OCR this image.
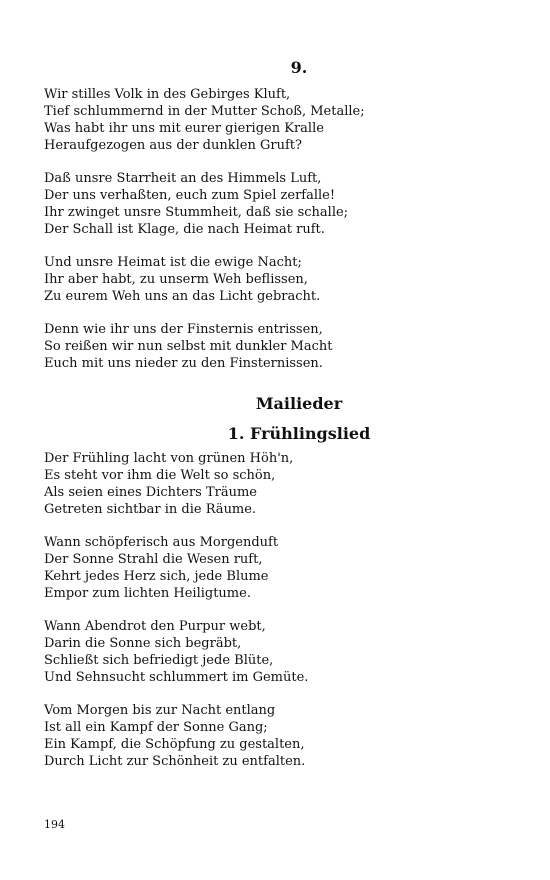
9.

Wir stilles Volk in des Gebirges Kluft,
Tief schlummernd in der Mutter Schoß, Metalle;
Was habt ihr uns mit eurer gierigen Kralle
Heraufgezogen aus der dunklen Gruft?

Daß unsre Starrheit an des Himmels Luft,
Der uns verhaßten, euch zum Spiel zerfalle!
Ihr zwinget unsre Stummheit, daß sie schalle;
Der Schall ist Klage, die nach Heimat ruft.

Und unsre Heimat ist die ewige Nacht;
Ihr aber habt, zu unserm Weh beflissen,
Zu eurem Weh uns an das Licht gebracht.

Denn wie ihr uns der Finsternis entrissen,
So reißen wir nun selbst mit dunkler Macht
Euch mit uns nieder zu den Finsternissen.

Mailieder
1. Frühlingslied

Der Frühling lacht von grünen Höh'n,
Es steht vor ihm die Welt so schön,
Als seien eines Dichters Träume
Getreten sichtbar in die Räume.

Wann schöpferisch aus Morgenduft
Der Sonne Strahl die Wesen ruft,
Kehrt jedes Herz sich, jede Blume
Empor zum lichten Heiligtume.

Wann Abendrot den Purpur webt,
Darin die Sonne sich begräbt,
Schließt sich befriedigt jede Blüte,
Und Sehnsucht schlummert im Gemüte.

Vom Morgen bis zur Nacht entlang
Ist all ein Kampf der Sonne Gang;
Ein Kampf, die Schöpfung zu gestalten,
Durch Licht zur Schönheit zu entfalten.

194
